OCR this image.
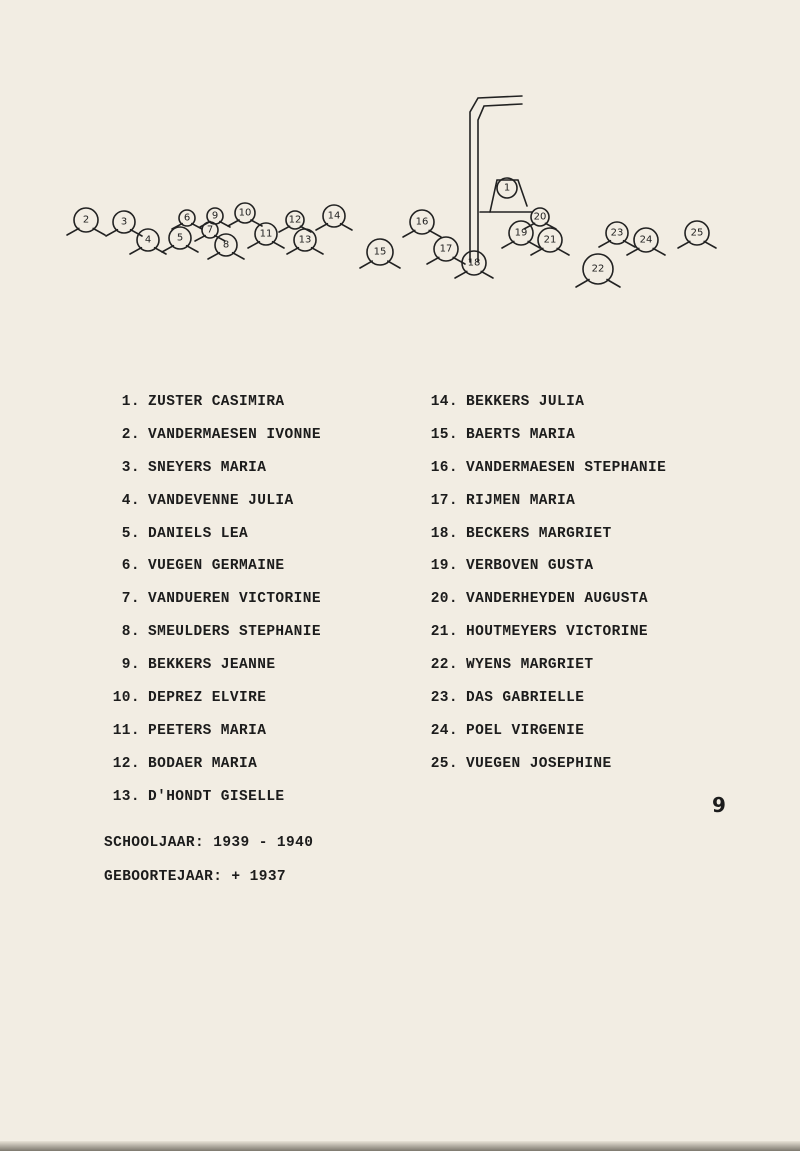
1
2	3
4	5
6
7
8
9 10
11
12
13
14
15
16
17
18
19
20
21
22
23
24
25
1. ZUSTER CASIMIRA
2. VANDERMAESEN IVONNE
3. SNEYERS MARIA
4. VANDEVENNE JULIA
5. DANIELS LEA
6. VUEGEN GERMAINE
7. VANDUEREN VICTORINE
8. SMEULDERS STEPHANIE
9. BEKKERS JEANNE
10. DEPREZ ELVIRE
11. PEETERS MARIA
12. BODAER MARIA
13. D'HONDT GISELLE
14. BEKKERS JULIA
15. BAERTS MARIA
16. VANDERMAESEN STEPHANIE
17. RIJMEN MARIA
18. BECKERS MARGRIET
19. VERBOVEN GUSTA
20. VANDERHEYDEN AUGUSTA
21. HOUTMEYERS VICTORINE
22. WYENS MARGRIET
23. DAS GABRIELLE
24. POEL VIRGENIE
25. VUEGEN JOSEPHINE
SCHOOLJAAR: 1939 - 1940
GEBOORTEJAAR: + 1937
9
